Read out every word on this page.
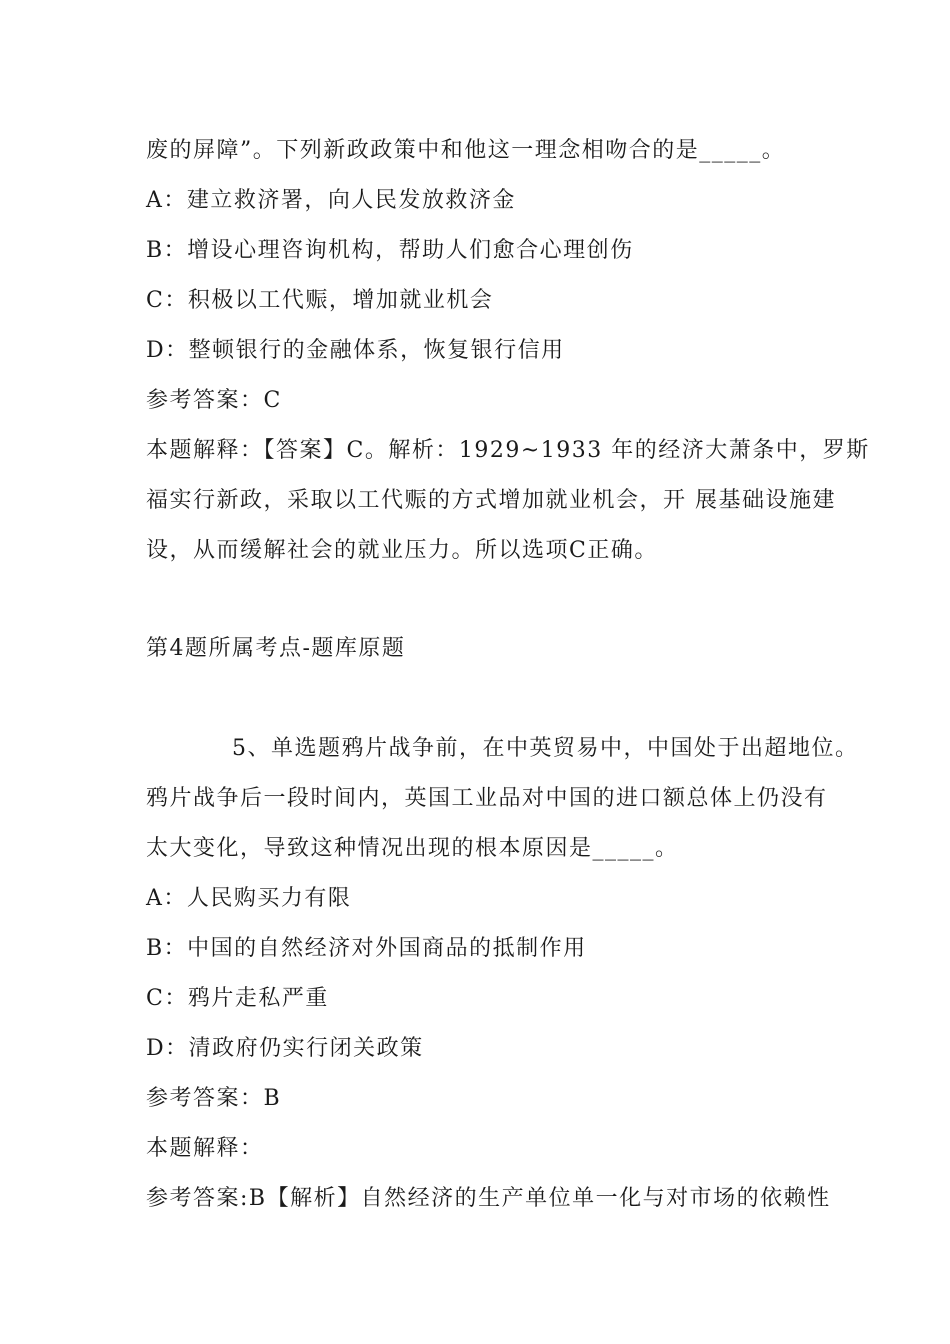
废的屏障”。下列新政政策中和他这一理念相吻合的是_____。
A：建立救济署，向人民发放救济金
B：增设心理咨询机构，帮助人们愈合心理创伤
C：积极以工代赈，增加就业机会
D：整顿银行的金融体系，恢复银行信用
参考答案：C
本题解释：【答案】C。解析：1929~1933 年的经济大萧条中，罗斯
福实行新政，采取以工代赈的方式增加就业机会，开 展基础设施建
设，从而缓解社会的就业压力。所以选项C正确。
第4题所属考点-题库原题
5、单选题鸦片战争前，在中英贸易中，中国处于出超地位。
鸦片战争后一段时间内，英国工业品对中国的进口额总体上仍没有
太大变化，导致这种情况出现的根本原因是_____。
A：人民购买力有限
B：中国的自然经济对外国商品的抵制作用
C：鸦片走私严重
D：清政府仍实行闭关政策
参考答案：B
本题解释：
参考答案:B【解析】自然经济的生产单位单一化与对市场的依赖性
